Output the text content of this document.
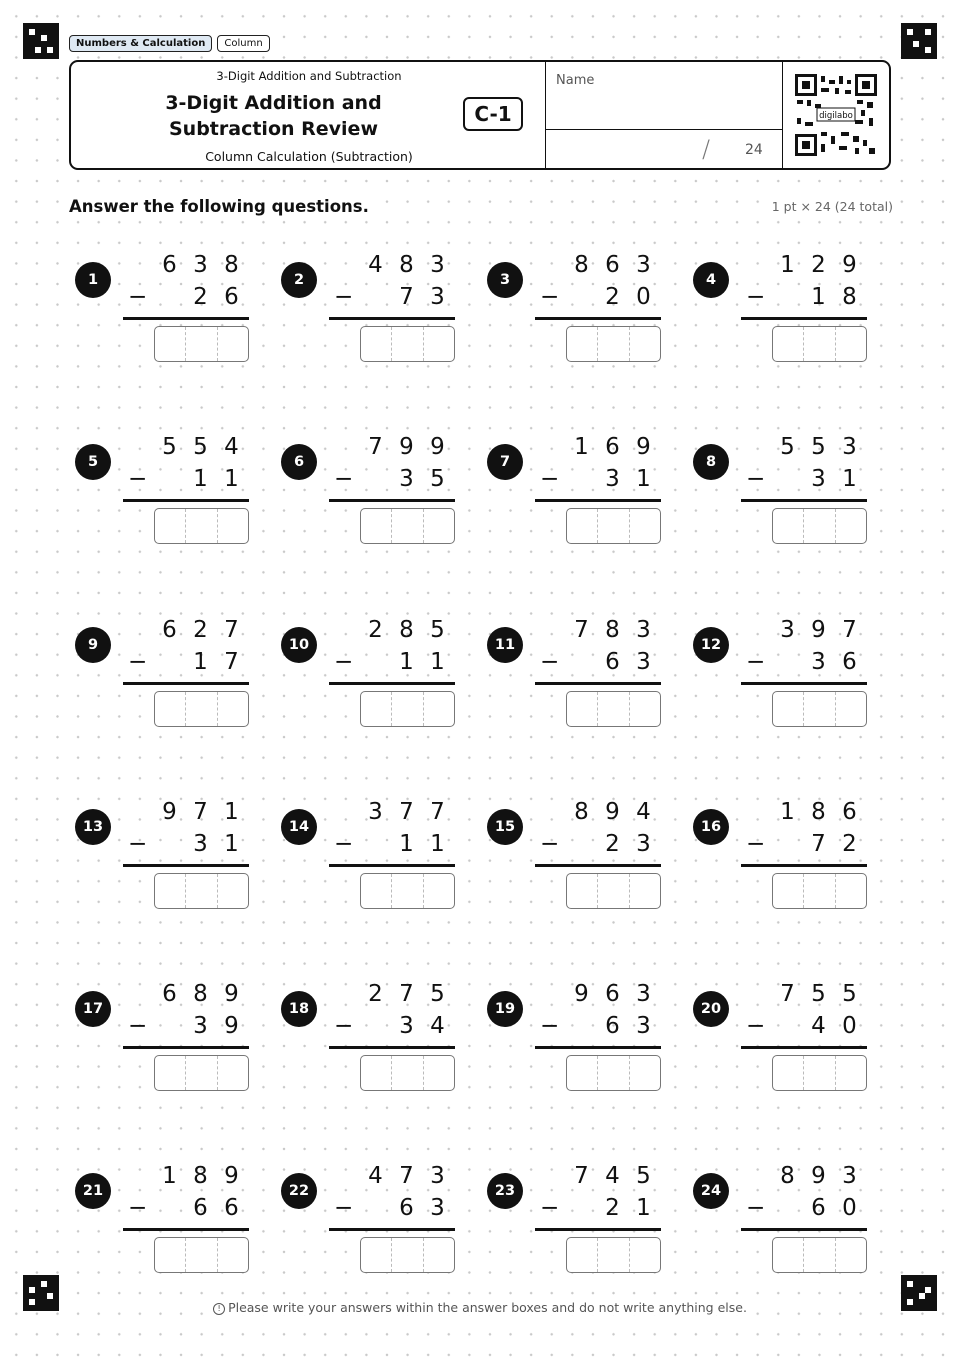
Numbers & Calculation	Column
3-Digit Addition and Subtraction
3-Digit Addition and Subtraction Review
C-1
Column Calculation (Subtraction)
Name
/ 24
digilabo
Answer the following questions.	1 pt × 24 (24 total)
1
6 3 8
−	2 6
2
4 8 3
−	7 3
3
8 6 3
−	2 0
4
1 2 9
−	1 8
5
5 5 4
−	1 1
6
7 9 9
−	3 5
7
1 6 9
−	3 1
8
5 5 3
−	3 1
9
6 2 7
−	1 7
10
2 8 5
−	1 1
11
7 8 3
−	6 3
12
3 9 7
−	3 6
13
9 7 1
−	3 1
14
3 7 7
−	1 1
15
8 9 4
−	2 3
16
1 8 6
−	7 2
17
6 8 9
−	3 9
18
2 7 5
−	3 4
19
9 6 3
−	6 3
20
7 5 5
−	4 0
21
1 8 9
−	6 6
22
4 7 3
−	6 3
23
7 4 5
−	2 1
24
8 9 3
−	6 0
! Please write your answers within the answer boxes and do not write anything else.
